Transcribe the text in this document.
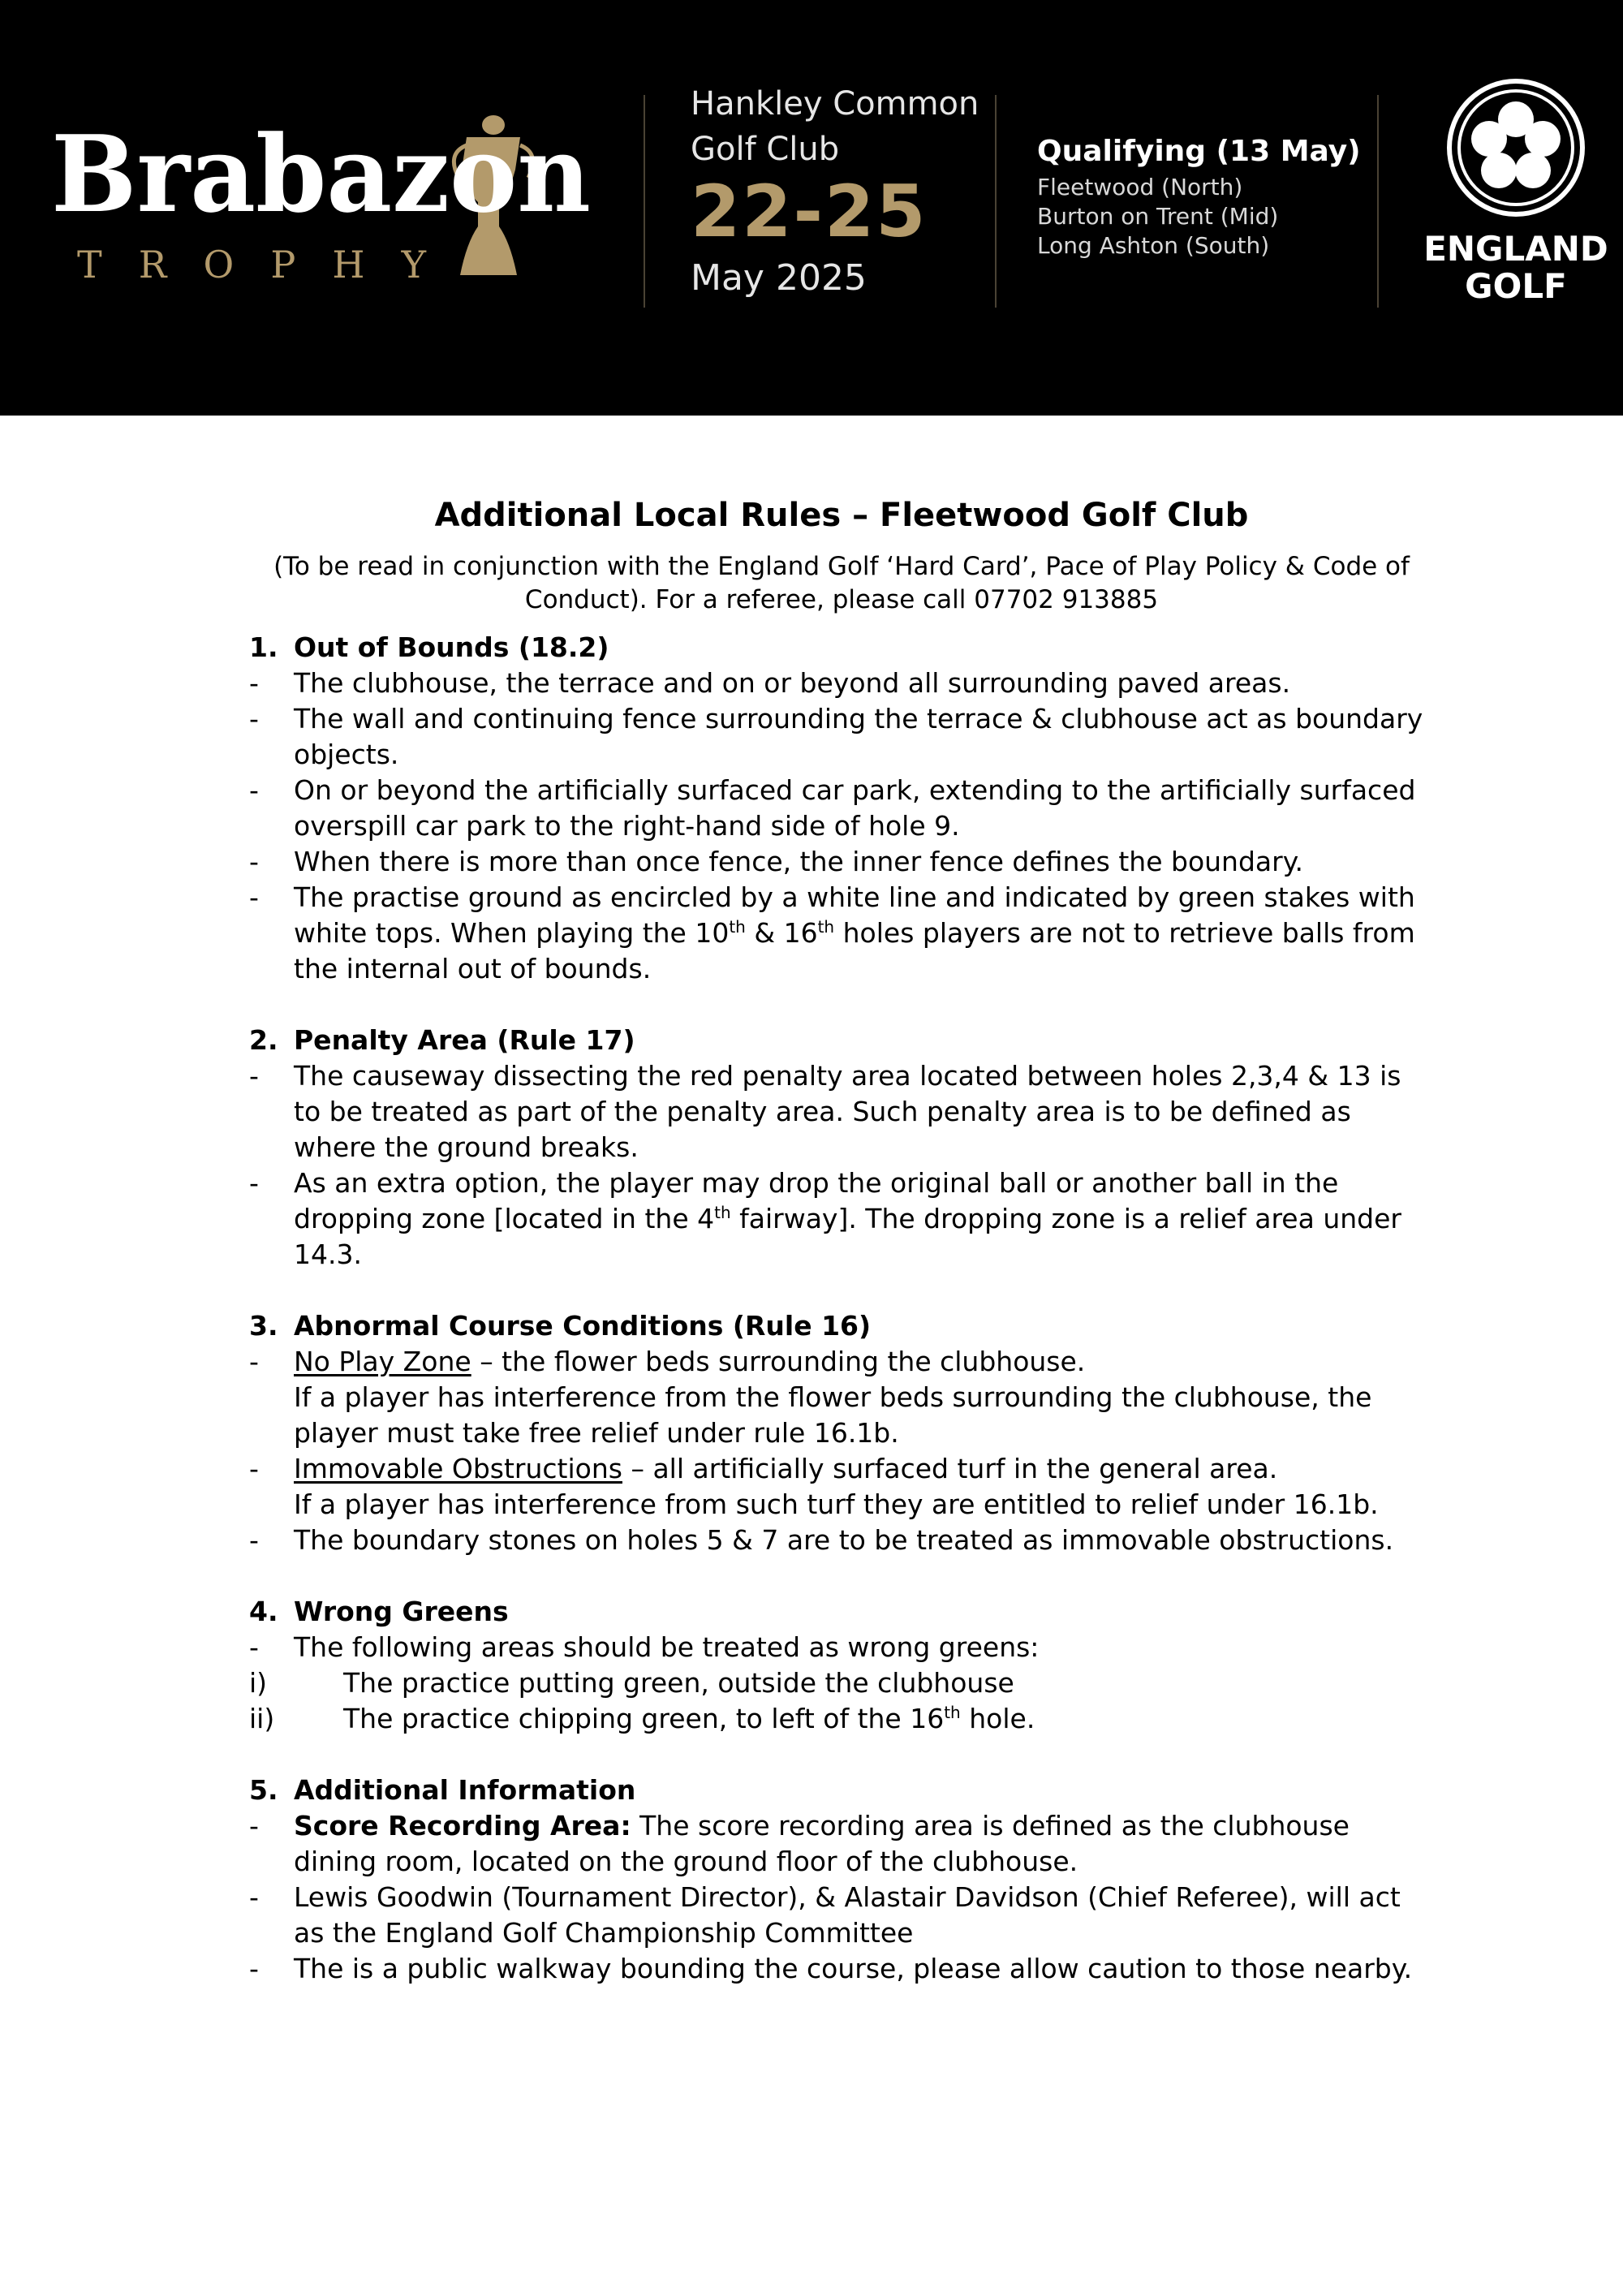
Brabazon
TROPHY
Hankley Common
Golf Club
22-25
May 2025
Qualifying (13 May)
Fleetwood (North)
Burton on Trent (Mid)
Long Ashton (South)	ENGLAND
GOLF
Additional Local Rules – Fleetwood Golf Club
(To be read in conjunction with the England Golf ‘Hard Card’, Pace of Play Policy & Code of Conduct). For a referee, please call 07702 913885
1. Out of Bounds (18.2)
-	The clubhouse, the terrace and on or beyond all surrounding paved areas.
-	The wall and continuing fence surrounding the terrace & clubhouse act as boundary objects.
-	On or beyond the artificially surfaced car park, extending to the artificially surfaced overspill car park to the right-hand side of hole 9.
-	When there is more than once fence, the inner fence defines the boundary.
-	The practise ground as encircled by a white line and indicated by green stakes with white tops. When playing the 10th & 16th holes players are not to retrieve balls from the internal out of bounds.
2. Penalty Area (Rule 17)
-	The causeway dissecting the red penalty area located between holes 2,3,4 & 13 is to be treated as part of the penalty area. Such penalty area is to be defined as where the ground breaks.
-	As an extra option, the player may drop the original ball or another ball in the dropping zone [located in the 4th fairway]. The dropping zone is a relief area under 14.3.
3. Abnormal Course Conditions (Rule 16)
-	No Play Zone – the flower beds surrounding the clubhouse.
If a player has interference from the flower beds surrounding the clubhouse, the player must take free relief under rule 16.1b.
-	Immovable Obstructions – all artificially surfaced turf in the general area.
If a player has interference from such turf they are entitled to relief under 16.1b.
-	The boundary stones on holes 5 & 7 are to be treated as immovable obstructions.
4. Wrong Greens
-	The following areas should be treated as wrong greens:
i)	The practice putting green, outside the clubhouse
ii)	The practice chipping green, to left of the 16th hole.
5. Additional Information
-	Score Recording Area: The score recording area is defined as the clubhouse dining room, located on the ground floor of the clubhouse.
-	Lewis Goodwin (Tournament Director), & Alastair Davidson (Chief Referee), will act as the England Golf Championship Committee
-	The is a public walkway bounding the course, please allow caution to those nearby.
